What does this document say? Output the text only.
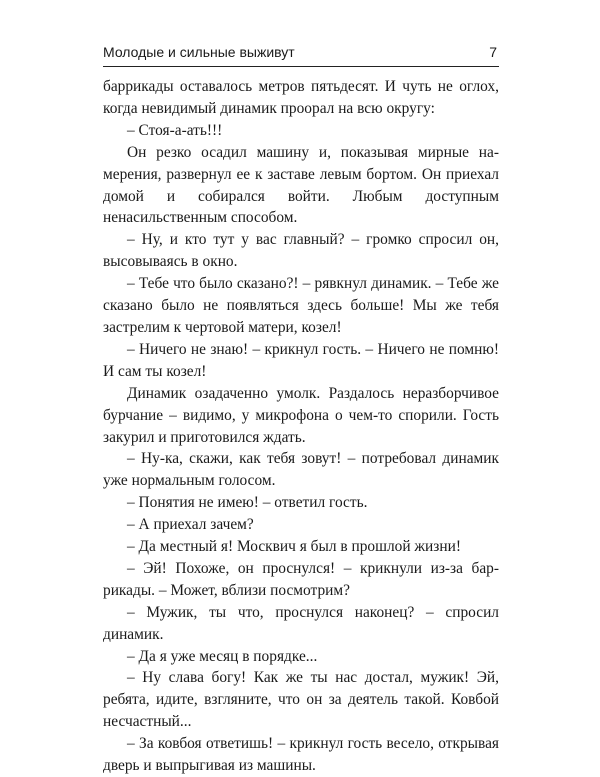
Молодые и сильные выживут	7

баррикады оставалось метров пятьдесят. И чуть не оглох, когда невидимый динамик проорал на всю округу:

– Стоя-а-ать!!!

Он резко осадил машину и, показывая мирные намерения, развернул ее к заставе левым бортом. Он приехал домой и собирался войти. Любым доступным ненасильственным способом.

– Ну, и кто тут у вас главный? – громко спросил он, высовываясь в окно.

– Тебе что было сказано?! – рявкнул динамик. – Тебе же сказано было не появляться здесь больше! Мы же тебя застрелим к чертовой матери, козел!

– Ничего не знаю! – крикнул гость. – Ничего не помню! И сам ты козел!

Динамик озадаченно умолк. Раздалось неразборчивое бурчание – видимо, у микрофона о чем-то спорили. Гость закурил и приготовился ждать.

– Ну-ка, скажи, как тебя зовут! – потребовал динамик уже нормальным голосом.

– Понятия не имею! – ответил гость.

– А приехал зачем?

– Да местный я! Москвич я был в прошлой жизни!

– Эй! Похоже, он проснулся! – крикнули из-за баррикады. – Может, вблизи посмотрим?

– Мужик, ты что, проснулся наконец? – спросил динамик.

– Да я уже месяц в порядке...

– Ну слава богу! Как же ты нас достал, мужик! Эй, ребята, идите, взгляните, что он за деятель такой. Ковбой несчастный...

– За ковбоя ответишь! – крикнул гость весело, открывая дверь и выпрыгивая из машины.
